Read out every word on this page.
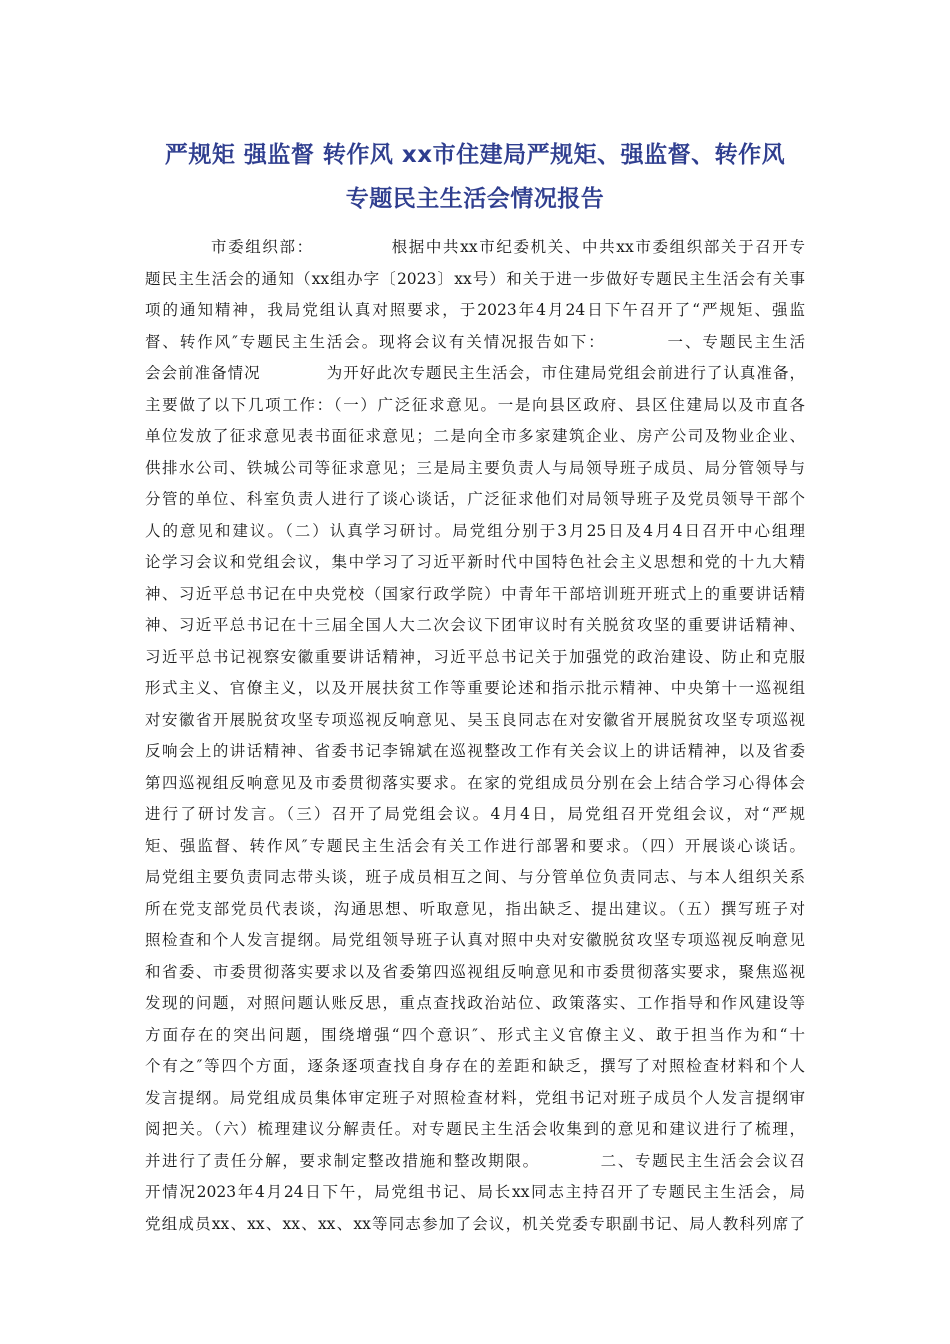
严规矩 强监督 转作风 xx市住建局严规矩、强监督、转作风
专题民主生活会情况报告
市委组织部：　　　　　根据中共xx市纪委机关、中共xx市委组织部关于召开专
题民主生活会的通知（xx组办字〔2023〕xx号）和关于进一步做好专题民主生活会有关事
项的通知精神，我局党组认真对照要求，于2023年4月24日下午召开了“严规矩、强监
督、转作风″专题民主生活会。现将会议有关情况报告如下：　　　　一、专题民主生活
会会前准备情况　　　　为开好此次专题民主生活会，市住建局党组会前进行了认真准备，
主要做了以下几项工作：（一）广泛征求意见。一是向县区政府、县区住建局以及市直各
单位发放了征求意见表书面征求意见；二是向全市多家建筑企业、房产公司及物业企业、
供排水公司、铁城公司等征求意见；三是局主要负责人与局领导班子成员、局分管领导与
分管的单位、科室负责人进行了谈心谈话，广泛征求他们对局领导班子及党员领导干部个
人的意见和建议。（二）认真学习研讨。局党组分别于3月25日及4月4日召开中心组理
论学习会议和党组会议，集中学习了习近平新时代中国特色社会主义思想和党的十九大精
神、习近平总书记在中央党校（国家行政学院）中青年干部培训班开班式上的重要讲话精
神、习近平总书记在十三届全国人大二次会议下团审议时有关脱贫攻坚的重要讲话精神、
习近平总书记视察安徽重要讲话精神，习近平总书记关于加强党的政治建设、防止和克服
形式主义、官僚主义，以及开展扶贫工作等重要论述和指示批示精神、中央第十一巡视组
对安徽省开展脱贫攻坚专项巡视反响意见、吴玉良同志在对安徽省开展脱贫攻坚专项巡视
反响会上的讲话精神、省委书记李锦斌在巡视整改工作有关会议上的讲话精神，以及省委
第四巡视组反响意见及市委贯彻落实要求。在家的党组成员分别在会上结合学习心得体会
进行了研讨发言。（三）召开了局党组会议。4月4日，局党组召开党组会议，对“严规
矩、强监督、转作风″专题民主生活会有关工作进行部署和要求。（四）开展谈心谈话。
局党组主要负责同志带头谈，班子成员相互之间、与分管单位负责同志、与本人组织关系
所在党支部党员代表谈，沟通思想、听取意见，指出缺乏、提出建议。（五）撰写班子对
照检查和个人发言提纲。局党组领导班子认真对照中央对安徽脱贫攻坚专项巡视反响意见
和省委、市委贯彻落实要求以及省委第四巡视组反响意见和市委贯彻落实要求，聚焦巡视
发现的问题，对照问题认账反思，重点查找政治站位、政策落实、工作指导和作风建设等
方面存在的突出问题，围绕增强“四个意识″、形式主义官僚主义、敢于担当作为和“十
个有之″等四个方面，逐条逐项查找自身存在的差距和缺乏，撰写了对照检查材料和个人
发言提纲。局党组成员集体审定班子对照检查材料，党组书记对班子成员个人发言提纲审
阅把关。（六）梳理建议分解责任。对专题民主生活会收集到的意见和建议进行了梳理，
并进行了责任分解，要求制定整改措施和整改期限。　　　　二、专题民主生活会会议召
开情况2023年4月24日下午，局党组书记、局长xx同志主持召开了专题民主生活会，局
党组成员xx、xx、xx、xx、xx等同志参加了会议，机关党委专职副书记、局人教科列席了
